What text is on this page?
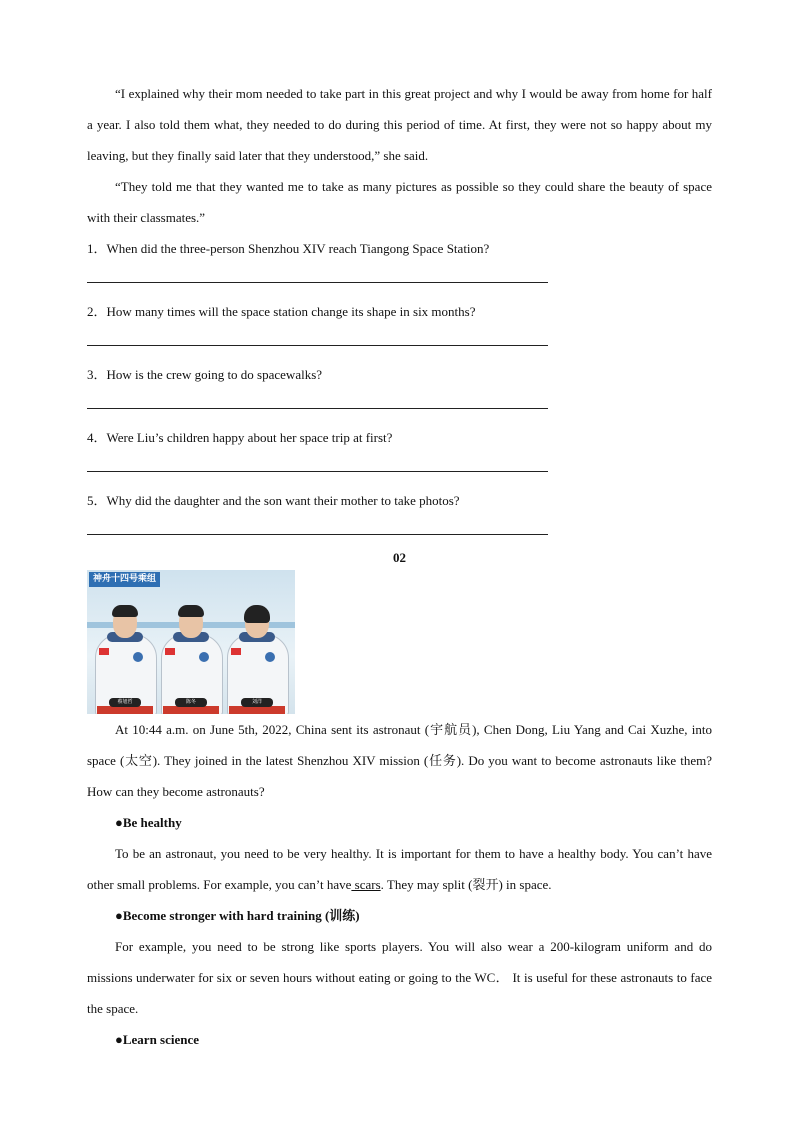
“I explained why their mom needed to take part in this great project and why I would be away from home for half a year. I also told them what, they needed to do during this period of time. At first, they were not so happy about my leaving, but they finally said later that they understood,” she said.

“They told me that they wanted me to take as many pictures as possible so they could share the beauty of space with their classmates.”

1．When did the three-person Shenzhou XIV reach Tiangong Space Station?

2．How many times will the space station change its shape in six months?

3．How is the crew going to do spacewalks?

4．Were Liu’s children happy about her space trip at first?

5．Why did the daughter and the son want their mother to take photos?

02

神舟十四号乘组
蔡旭哲	陈冬	刘洋

At 10:44 a.m. on June 5th, 2022, China sent its astronaut (宇航员), Chen Dong, Liu Yang and Cai Xuzhe, into space (太空). They joined in the latest Shenzhou XIV mission (任务). Do you want to become astronauts like them? How can they become astronauts?

●Be healthy

To be an astronaut, you need to be very healthy. It is important for them to have a healthy body. You can’t have other small problems. For example, you can’t have scars. They may split (裂开) in space.

●Become stronger with hard training (训练)

For example, you need to be strong like sports players. You will also wear a 200-kilogram uniform and do missions underwater for six or seven hours without eating or going to the WC． It is useful for these astronauts to face the space.

●Learn science
